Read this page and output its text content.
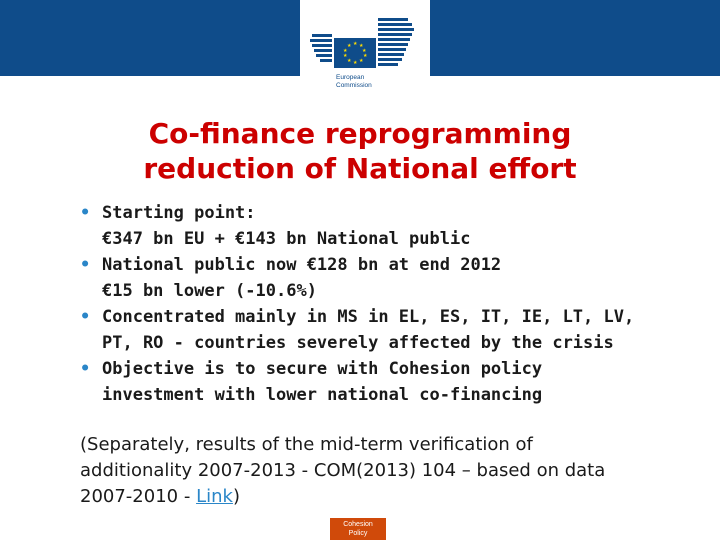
★ ★
★
★
★
★
★
★
★
★
European
Commission
Co-finance reprogramming
reduction of National effort
• Starting point:
€347 bn EU + €143 bn National public
• National public now €128 bn at end 2012
€15 bn lower (-10.6%)
• Concentrated mainly in MS in EL, ES, IT, IE, LT, LV,
PT, RO - countries severely affected by the crisis
• Objective is to secure with Cohesion policy
investment with lower national co-financing
(Separately, results of the mid-term verification of
additionality 2007-2013 - COM(2013) 104 – based on data
2007-2010 - Link)
Cohesion
Policy
